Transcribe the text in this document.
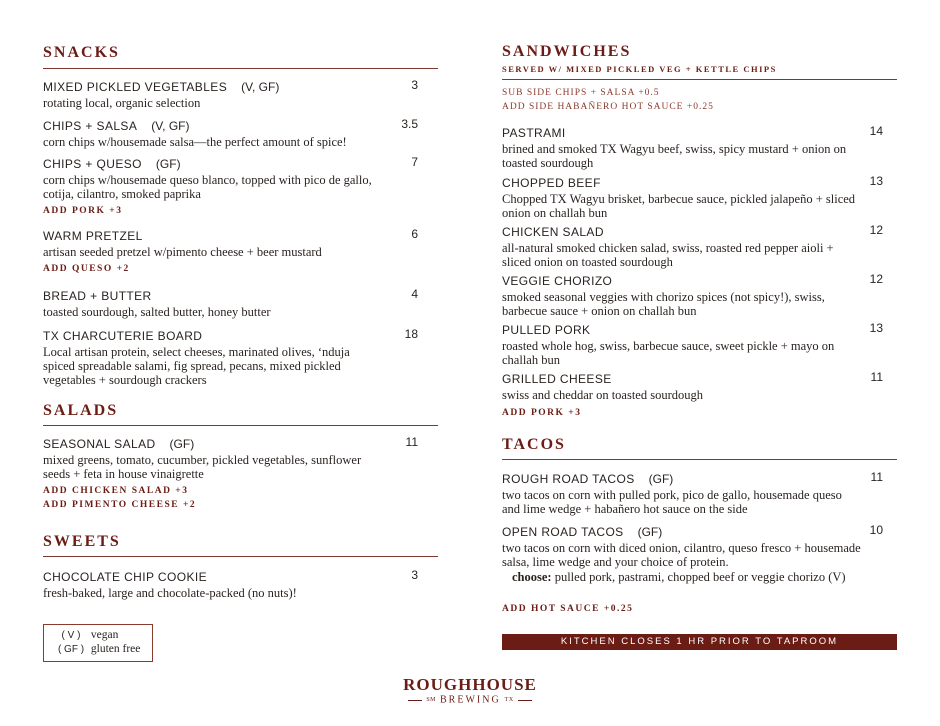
SNACKS
MIXED PICKLED VEGETABLES (V, GF)	3
rotating local, organic selection
CHIPS + SALSA (V, GF)	3.5
corn chips w/housemade salsa—the perfect amount of spice!
CHIPS + QUESO (GF)	7
corn chips w/housemade queso blanco, topped with pico de gallo, cotija, cilantro, smoked paprika
ADD PORK +3
WARM PRETZEL	6
artisan seeded pretzel w/pimento cheese + beer mustard
ADD QUESO +2
BREAD + BUTTER	4
toasted sourdough, salted butter, honey butter
TX CHARCUTERIE BOARD	18
Local artisan protein, select cheeses, marinated olives, ‘nduja spiced spreadable salami, fig spread, pecans, mixed pickled vegetables + sourdough crackers
SALADS
SEASONAL SALAD (GF)	11
mixed greens, tomato, cucumber, pickled vegetables, sunflower seeds + feta in house vinaigrette
ADD CHICKEN SALAD +3
ADD PIMENTO CHEESE +2
SWEETS
CHOCOLATE CHIP COOKIE	3
fresh-baked, large and chocolate-packed (no nuts)!
( V ) vegan
( GF ) gluten free
SANDWICHES
SERVED W/ MIXED PICKLED VEG + KETTLE CHIPS
SUB SIDE CHIPS + SALSA +0.5
ADD SIDE HABAÑERO HOT SAUCE +0.25
PASTRAMI	14
brined and smoked TX Wagyu beef, swiss, spicy mustard + onion on toasted sourdough
CHOPPED BEEF	13
Chopped TX Wagyu brisket, barbecue sauce, pickled jalapeño + sliced onion on challah bun
CHICKEN SALAD	12
all-natural smoked chicken salad, swiss, roasted red pepper aioli + sliced onion on toasted sourdough
VEGGIE CHORIZO	12
smoked seasonal veggies with chorizo spices (not spicy!), swiss, barbecue sauce + onion on challah bun
PULLED PORK	13
roasted whole hog, swiss, barbecue sauce, sweet pickle + mayo on challah bun
GRILLED CHEESE	11
swiss and cheddar on toasted sourdough
ADD PORK +3
TACOS
ROUGH ROAD TACOS (GF)	11
two tacos on corn with pulled pork, pico de gallo, housemade queso and lime wedge + habañero hot sauce on the side
OPEN ROAD TACOS (GF)	10
two tacos on corn with diced onion, cilantro, queso fresco + housemade salsa, lime wedge and your choice of protein.
choose: pulled pork, pastrami, chopped beef or veggie chorizo (V)
ADD HOT SAUCE +0.25
KITCHEN CLOSES 1 HR PRIOR TO TAPROOM
ROUGHHOUSE
SM BREWING TX
